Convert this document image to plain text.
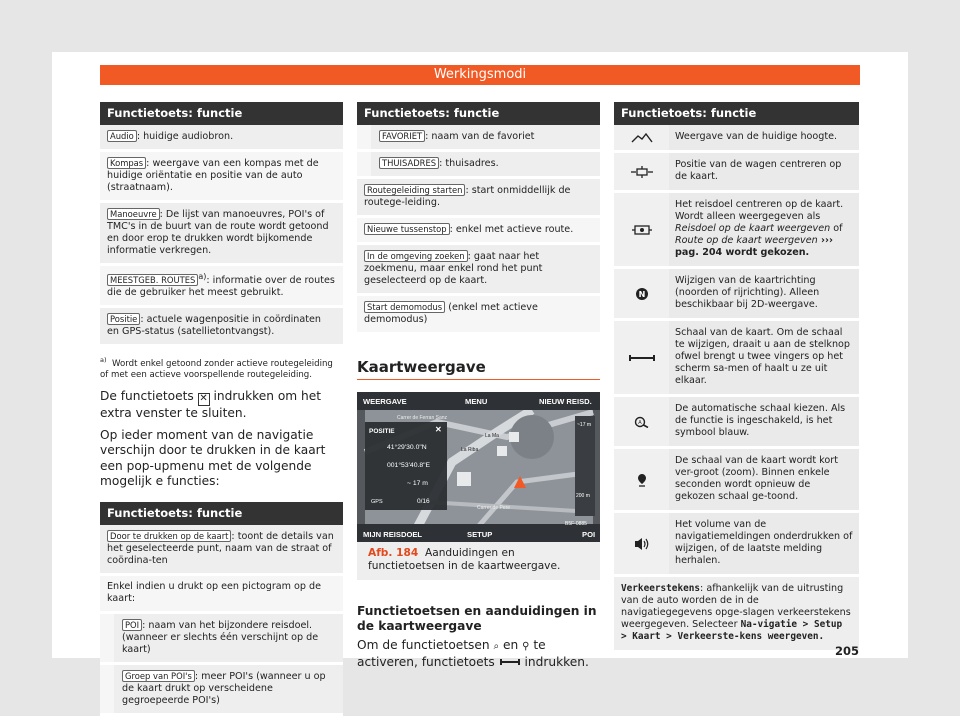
Werkingsmodi
Functietoets: functie
Audio : huidige audiobron.
Kompas : weergave van een kompas met de huidige oriëntatie en positie van de auto (straatnaam).
Manoeuvre : De lijst van manoeuvres, POI's of TMC's in de buurt van de route wordt getoond en door erop te drukken wordt bijkomende informatie verkregen.
MEESTGEB. ROUTES $^{a)}$: informatie over de routes die de gebruiker het meest gebruikt.
Positie : actuele wagenpositie in coördinaten en GPS-status (satellietontvangst).
$^{a)}$ Wordt enkel getoond zonder actieve routegeleiding of met een actieve voorspellende routegeleiding.

De functietoets ✕ indrukken om het extra venster te sluiten.

Op ieder moment van de navigatie verschijn door te drukken in de kaart een pop-upmenu met de volgende mogelijk e functies:

Functietoets: functie
Door te drukken op de kaart : toont de details van het geselecteerde punt, naam van de straat of coördina-ten
Enkel indien u drukt op een pictogram op de kaart:
POI : naam van het bijzondere reisdoel. (wanneer er slechts één verschijnt op de kaart)
Groep van POI's : meer POI's (wanneer u op de kaart drukt op verscheidene gegroepeerde POI's)
Functietoets: functie
FAVORIET : naam van de favoriet
THUISADRES : thuisadres.
Routegeleiding starten : start onmiddellijk de routege-leiding.
Nieuwe tussenstop : enkel met actieve route.
In de omgeving zoeken : gaat naar het zoekmenu, maar enkel rond het punt geselecteerd op de kaart.
Start demomodus (enkel met actieve demomodus)
Kaartweergave
WEERGAVE	MENU	NIEUW REISD.
MIJN REISDOEL	SETUP	POI
POSITIE	✕
41°29'30.0"N
001°53'40.8"E
~ 17 m
GPS	0/16
Carrer de Ferran Sanz
La Riba
La Ma
Carrer de Pere
200 m
~17 m
B5F-0885
Afb. 184 Aanduidingen en functietoetsen in de kaartweergave.
Functietoetsen en aanduidingen in de kaartweergave

Om de functietoetsen ⌕ en ⚲ te activeren, functietoets indrukken.

Functietoets: functie
Weergave van de huidige hoogte.
Positie van de wagen centreren op de kaart.
Het reisdoel centreren op de kaart. Wordt alleen weergegeven als Reisdoel op de kaart weergeven of Route op de kaart weergeven ››› pag. 204 wordt gekozen.
N
Wijzigen van de kaartrichting (noorden of rijrichting). Alleen beschikbaar bij 2D-weergave.
Schaal van de kaart. Om de schaal te wijzigen, draait u aan de stelknop ofwel brengt u twee vingers op het scherm sa-men of haalt u ze uit elkaar.
A
De automatische schaal kiezen. Als de functie is ingeschakeld, is het symbool blauw.
De schaal van de kaart wordt kort ver-groot (zoom). Binnen enkele seconden wordt opnieuw de gekozen schaal ge-toond.
Het volume van de navigatiemeldingen onderdrukken of wijzigen, of de laatste melding herhalen.
Verkeerstekens: afhankelijk van de uitrusting van de auto worden de in de navigatiegegevens opge-slagen verkeerstekens weergegeven. Selecteer Na-vigatie > Setup > Kaart > Verkeerste-kens weergeven.
205
